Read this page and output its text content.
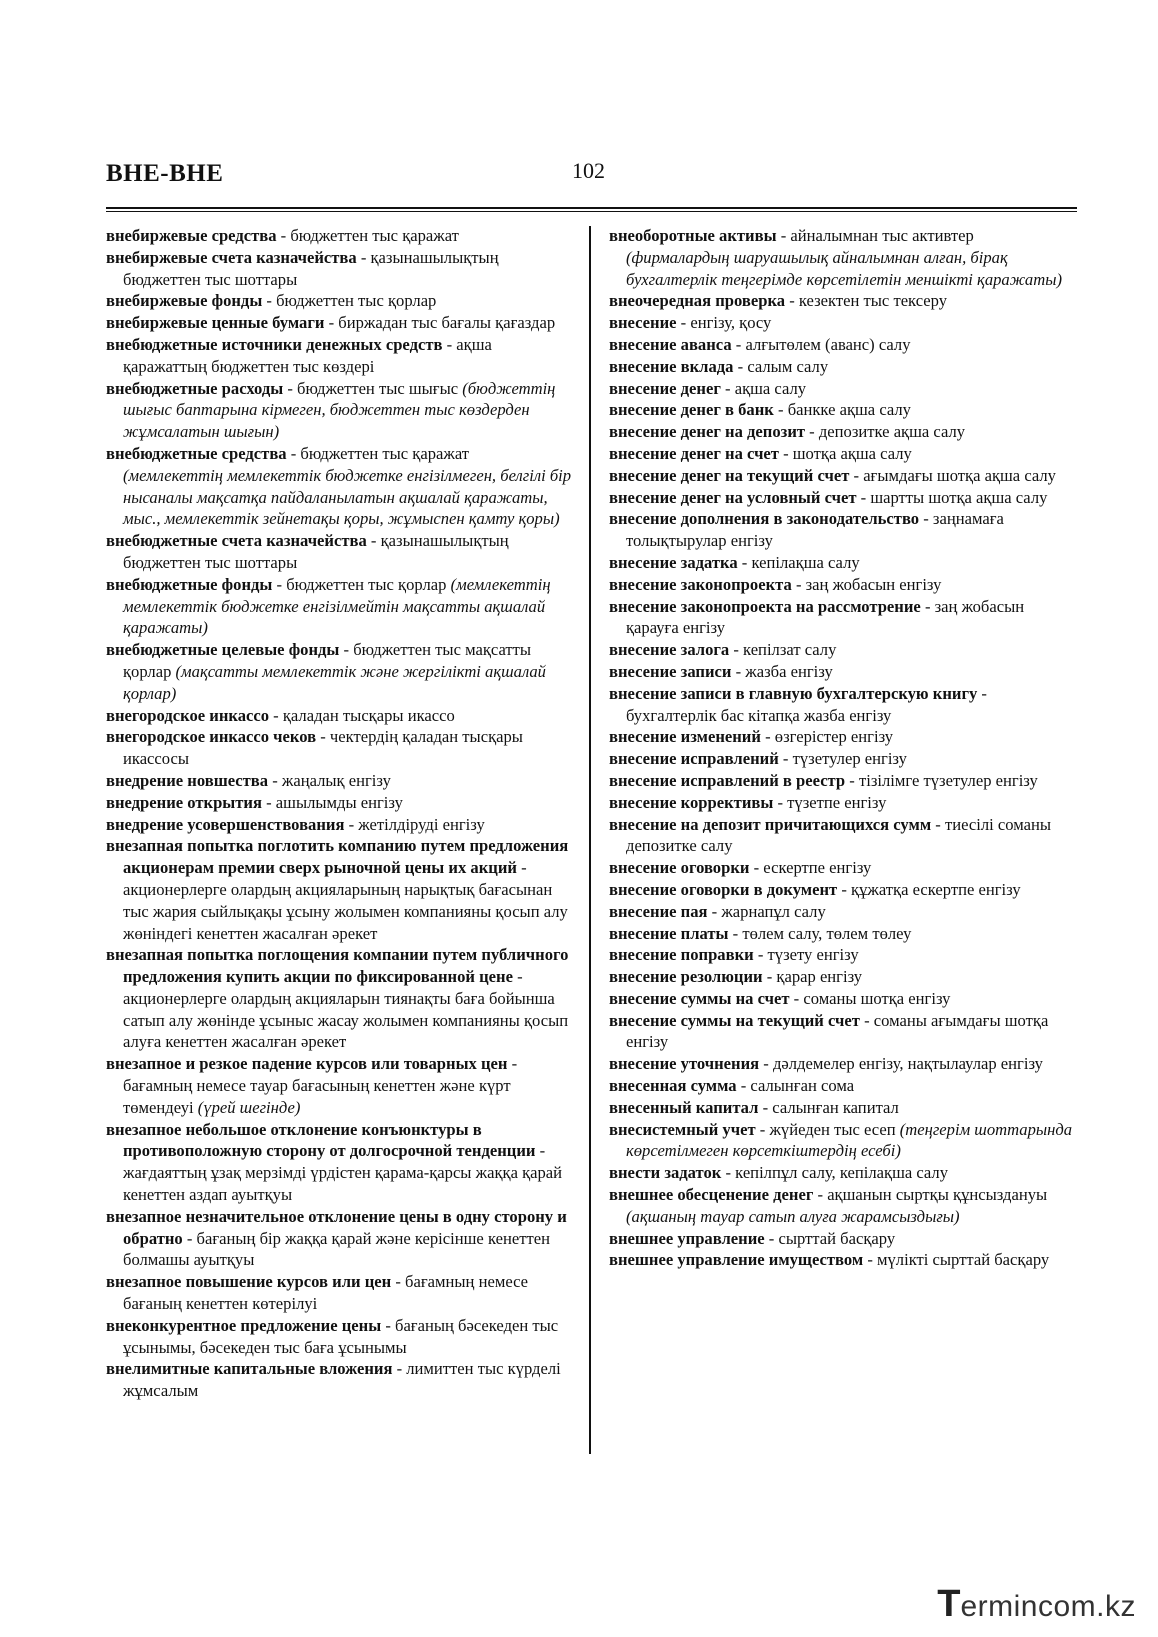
ВНЕ-ВНЕ	102
внебиржевые средства - бюджеттен тыс қаражат
внебиржевые счета казначейства - қазынашылықтың бюджеттен тыс шоттары
внебиржевые фонды - бюджеттен тыс қорлар
внебиржевые ценные бумаги - биржадан тыс бағалы қағаздар
внебюджетные источники денежных средств - ақша қаражаттың бюджеттен тыс көздері
внебюджетные расходы - бюджеттен тыс шығыс (бюджеттің шығыс баптарына кірмеген, бюджеттен тыс көздерден жұмсалатын шығын)
внебюджетные средства - бюджеттен тыс қаражат (мемлекеттің мемлекеттік бюджетке енгізілмеген, белгілі бір нысаналы мақсатқа пайдаланылатын ақшалай қаражаты, мыс., мемлекеттік зейнетақы қоры, жұмыспен қамту қоры)
внебюджетные счета казначейства - қазынашылықтың бюджеттен тыс шоттары
внебюджетные фонды - бюджеттен тыс қорлар (мемлекеттің мемлекеттік бюджетке енгізілмейтін мақсатты ақшалай қаражаты)
внебюджетные целевые фонды - бюджеттен тыс мақсатты қорлар (мақсатты мемлекеттік және жергілікті ақшалай қорлар)
внегородское инкассо - қаладан тысқары икассо
внегородское инкассо чеков - чектердің қаладан тысқары икассосы
внедрение новшества - жаңалық енгізу
внедрение открытия - ашылымды енгізу
внедрение усовершенствования - жетілдіруді енгізу
внезапная попытка поглотить компанию путем предложения акционерам премии сверх рыночной цены их акций - акционерлерге олардың акцияларының нарықтық бағасынан тыс жария сыйлықақы ұсыну жолымен компанияны қосып алу жөніндегі кенеттен жасалған әрекет
внезапная попытка поглощения компании путем публичного предложения купить акции по фиксированной цене - акционерлерге олардың акцияларын тиянақты баға бойынша сатып алу жөнінде ұсыныс жасау жолымен компанияны қосып алуға кенеттен жасалған әрекет
внезапное и резкое падение курсов или товарных цен - бағамның немесе тауар бағасының кенеттен және күрт төмендеуі (үрей шегінде)
внезапное небольшое отклонение конъюнктуры в противоположную сторону от долгосрочной тенденции - жағдаяттың ұзақ мерзімді үрдістен қарама-қарсы жаққа қарай кенеттен аздап ауытқуы
внезапное незначительное отклонение цены в одну сторону и обратно - бағаның бір жаққа қарай және керісінше кенеттен болмашы ауытқуы
внезапное повышение курсов или цен - бағамның немесе бағаның кенеттен көтерілуі
внеконкурентное предложение цены - бағаның бәсекеден тыс ұсынымы, бәсекеден тыс баға ұсынымы
внелимитные капитальные вложения - лимиттен тыс күрделі жұмсалым
внеоборотные активы - айналымнан тыс активтер (фирмалардың шаруашылық айналымнан алған, бірақ бухгалтерлік теңгерімде көрсетілетін меншікті қаражаты)
внеочередная проверка - кезектен тыс тексеру
внесение - енгізу, қосу
внесение аванса - алғытөлем (аванс) салу
внесение вклада - салым салу
внесение денег - ақша салу
внесение денег в банк - банкке ақша салу
внесение денег на депозит - депозитке ақша салу
внесение денег на счет - шотқа ақша салу
внесение денег на текущий счет - ағымдағы шотқа ақша салу
внесение денег на условный счет - шартты шотқа ақша салу
внесение дополнения в законодательство - заңнамаға толықтырулар енгізу
внесение задатка - кепілақша салу
внесение законопроекта - заң жобасын енгізу
внесение законопроекта на рассмотрение - заң жобасын қарауға енгізу
внесение залога - кепілзат салу
внесение записи - жазба енгізу
внесение записи в главную бухгалтерскую книгу - бухгалтерлік бас кітапқа жазба енгізу
внесение изменений - өзгерістер енгізу
внесение исправлений - түзетулер енгізу
внесение исправлений в реестр - тізілімге түзетулер енгізу
внесение коррективы - түзетпе енгізу
внесение на депозит причитающихся сумм - тиесілі соманы депозитке салу
внесение оговорки - ескертпе енгізу
внесение оговорки в документ - құжатқа ескертпе енгізу
внесение пая - жарнапұл салу
внесение платы - төлем салу, төлем төлеу
внесение поправки - түзету енгізу
внесение резолюции - қарар енгізу
внесение суммы на счет - соманы шотқа енгізу
внесение суммы на текущий счет - соманы ағымдағы шотқа енгізу
внесение уточнения - дәлдемелер енгізу, нақтылаулар енгізу
внесенная сумма - салынған сома
внесенный капитал - салынған капитал
внесистемный учет - жүйеден тыс есеп (теңгерім шоттарында көрсетілмеген көрсеткіштердің есебі)
внести задаток - кепілпұл салу, кепілақша салу
внешнее обесценение денег - ақшанын сыртқы құнсыздануы (ақшаның тауар сатып алуға жарамсыздығы)
внешнее управление - сырттай басқару
внешнее управление имуществом - мүлікті сырттай басқару
T ermincom.kz
